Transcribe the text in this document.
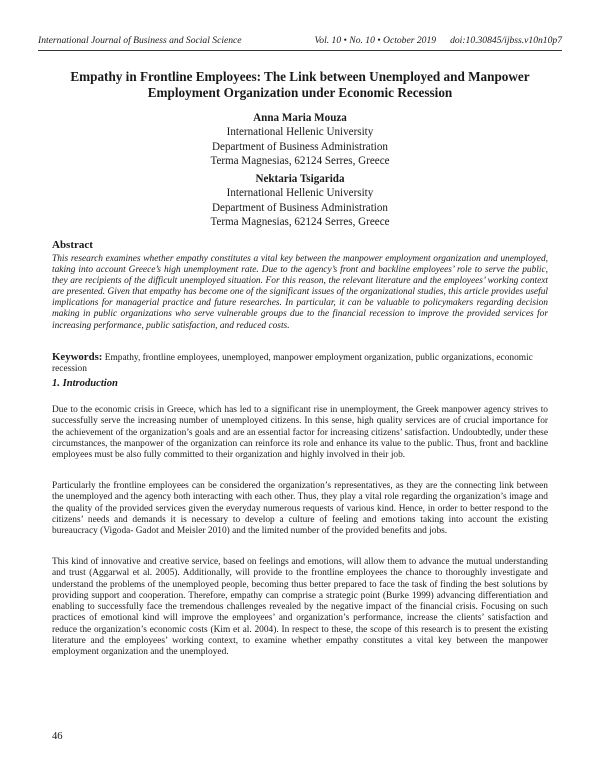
International Journal of Business and Social Science	Vol. 10 • No. 10 • October 2019 doi:10.30845/ijbss.v10n10p7
Empathy in Frontline Employees: The Link between Unemployed and Manpower Employment Organization under Economic Recession
Anna Maria Mouza
International Hellenic University
Department of Business Administration
Terma Magnesias, 62124 Serres, Greece
Nektaria Tsigarida
International Hellenic University
Department of Business Administration
Terma Magnesias, 62124 Serres, Greece
Abstract
This research examines whether empathy constitutes a vital key between the manpower employment organization and unemployed, taking into account Greece’s high unemployment rate. Due to the agency’s front and backline employees’ role to serve the public, they are recipients of the difficult unemployed situation. For this reason, the relevant literature and the employees’ working context are presented. Given that empathy has become one of the significant issues of the organizational studies, this article provides useful implications for managerial practice and future researches. In particular, it can be valuable to policymakers regarding decision making in public organizations who serve vulnerable groups due to the financial recession to improve the provided services for increasing performance, public satisfaction, and reduced costs.
Keywords: Empathy, frontline employees, unemployed, manpower employment organization, public organizations, economic recession
1. Introduction
Due to the economic crisis in Greece, which has led to a significant rise in unemployment, the Greek manpower agency strives to successfully serve the increasing number of unemployed citizens. In this sense, high quality services are of crucial importance for the achievement of the organization’s goals and are an essential factor for increasing citizens’ satisfaction. Undoubtedly, under these circumstances, the manpower of the organization can reinforce its role and enhance its value to the public. Thus, front and backline employees must be also fully committed to their organization and highly involved in their job.
Particularly the frontline employees can be considered the organization’s representatives, as they are the connecting link between the unemployed and the agency both interacting with each other. Thus, they play a vital role regarding the organization’s image and the quality of the provided services given the everyday numerous requests of various kind. Hence, in order to better respond to the citizens’ needs and demands it is necessary to develop a culture of feeling and emotions taking into account the existing bureaucracy (Vigoda- Gadot and Meisler 2010) and the limited number of the provided benefits and jobs.
This kind of innovative and creative service, based on feelings and emotions, will allow them to advance the mutual understanding and trust (Aggarwal et al. 2005). Additionally, will provide to the frontline employees the chance to thoroughly investigate and understand the problems of the unemployed people, becoming thus better prepared to face the task of finding the best solutions by providing support and cooperation. Therefore, empathy can comprise a strategic point (Burke 1999) advancing differentiation and enabling to successfully face the tremendous challenges revealed by the negative impact of the financial crisis. Focusing on such practices of emotional kind will improve the employees’ and organization’s performance, increase the clients’ satisfaction and reduce the organization’s economic costs (Kim et al. 2004). In respect to these, the scope of this research is to present the existing literature and the employees’ working context, to examine whether empathy constitutes a vital key between the manpower employment organization and the unemployed.
46
